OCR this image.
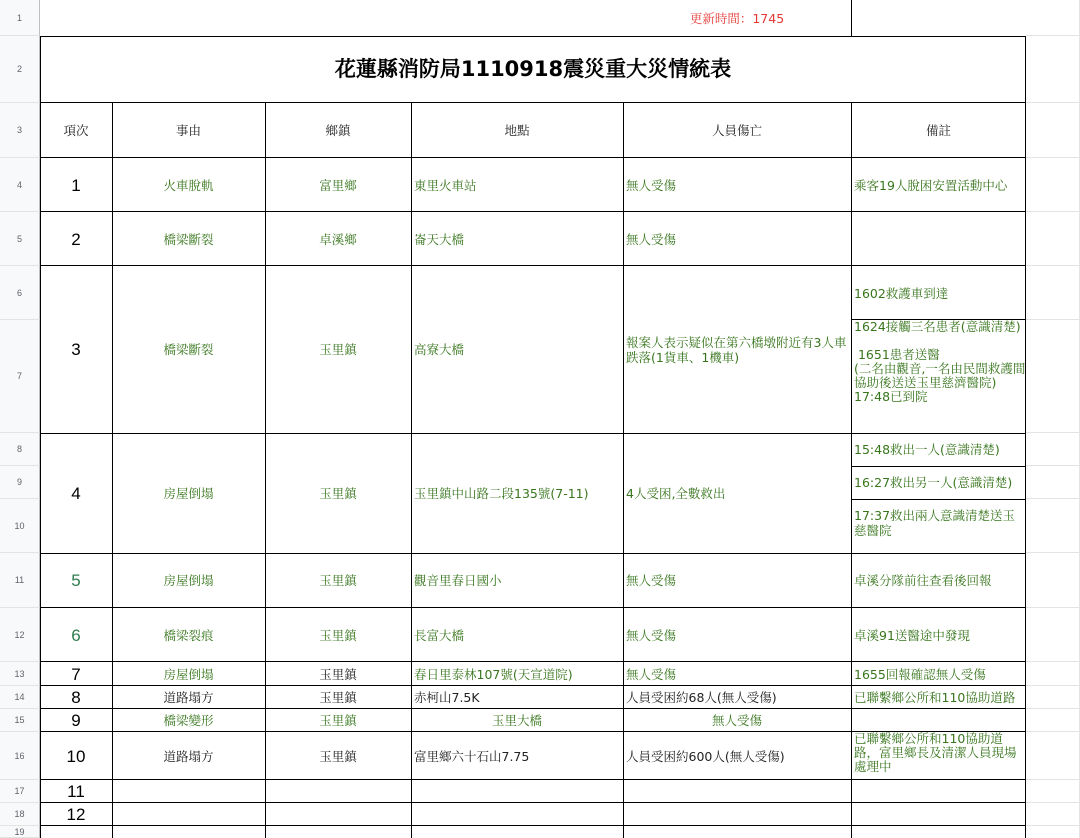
1
2
3
4
5
6
7
8
9
10
11
12
13
14
15
16
17
18
19
更新時間：1745
花蓮縣消防局1110918震災重大災情統表
項次	事由	鄉鎮	地點	人員傷亡	備註
1	火車脫軌	富里鄉	東里火車站	無人受傷	乘客19人脫困安置活動中心
2	橋梁斷裂	卓溪鄉	崙天大橋	無人受傷
3	橋梁斷裂	玉里鎮	高寮大橋	報案人表示疑似在第六橋墩附近有3人車跌落(1貨車、1機車)
1602救護車到達
1624接觸三名患者(意識清楚)

1651患者送醫
(二名由觀音,一名由民間救護間協助後送送玉里慈濟醫院)
17:48已到院
4	房屋倒塌	玉里鎮	玉里鎮中山路二段135號(7-11)	4人受困,全數救出
15:48救出一人(意識清楚)
16:27救出另一人(意識清楚)
17:37救出兩人意識清楚送玉慈醫院
5	房屋倒塌	玉里鎮	觀音里春日國小	無人受傷	卓溪分隊前往查看後回報
6	橋梁裂痕	玉里鎮	長富大橋	無人受傷	卓溪91送醫途中發現
7	房屋倒塌	玉里鎮	春日里泰林107號(天宣道院)	無人受傷	1655回報確認無人受傷
8	道路塌方	玉里鎮	赤柯山7.5K	人員受困約68人(無人受傷)	已聯繫鄉公所和110協助道路
9	橋梁變形	玉里鎮	玉里大橋	無人受傷
10	道路塌方	玉里鎮	富里鄉六十石山7.75	人員受困約600人(無人受傷)
已聯繫鄉公所和110協助道路，富里鄉長及清潔人員現場處理中
11
12
